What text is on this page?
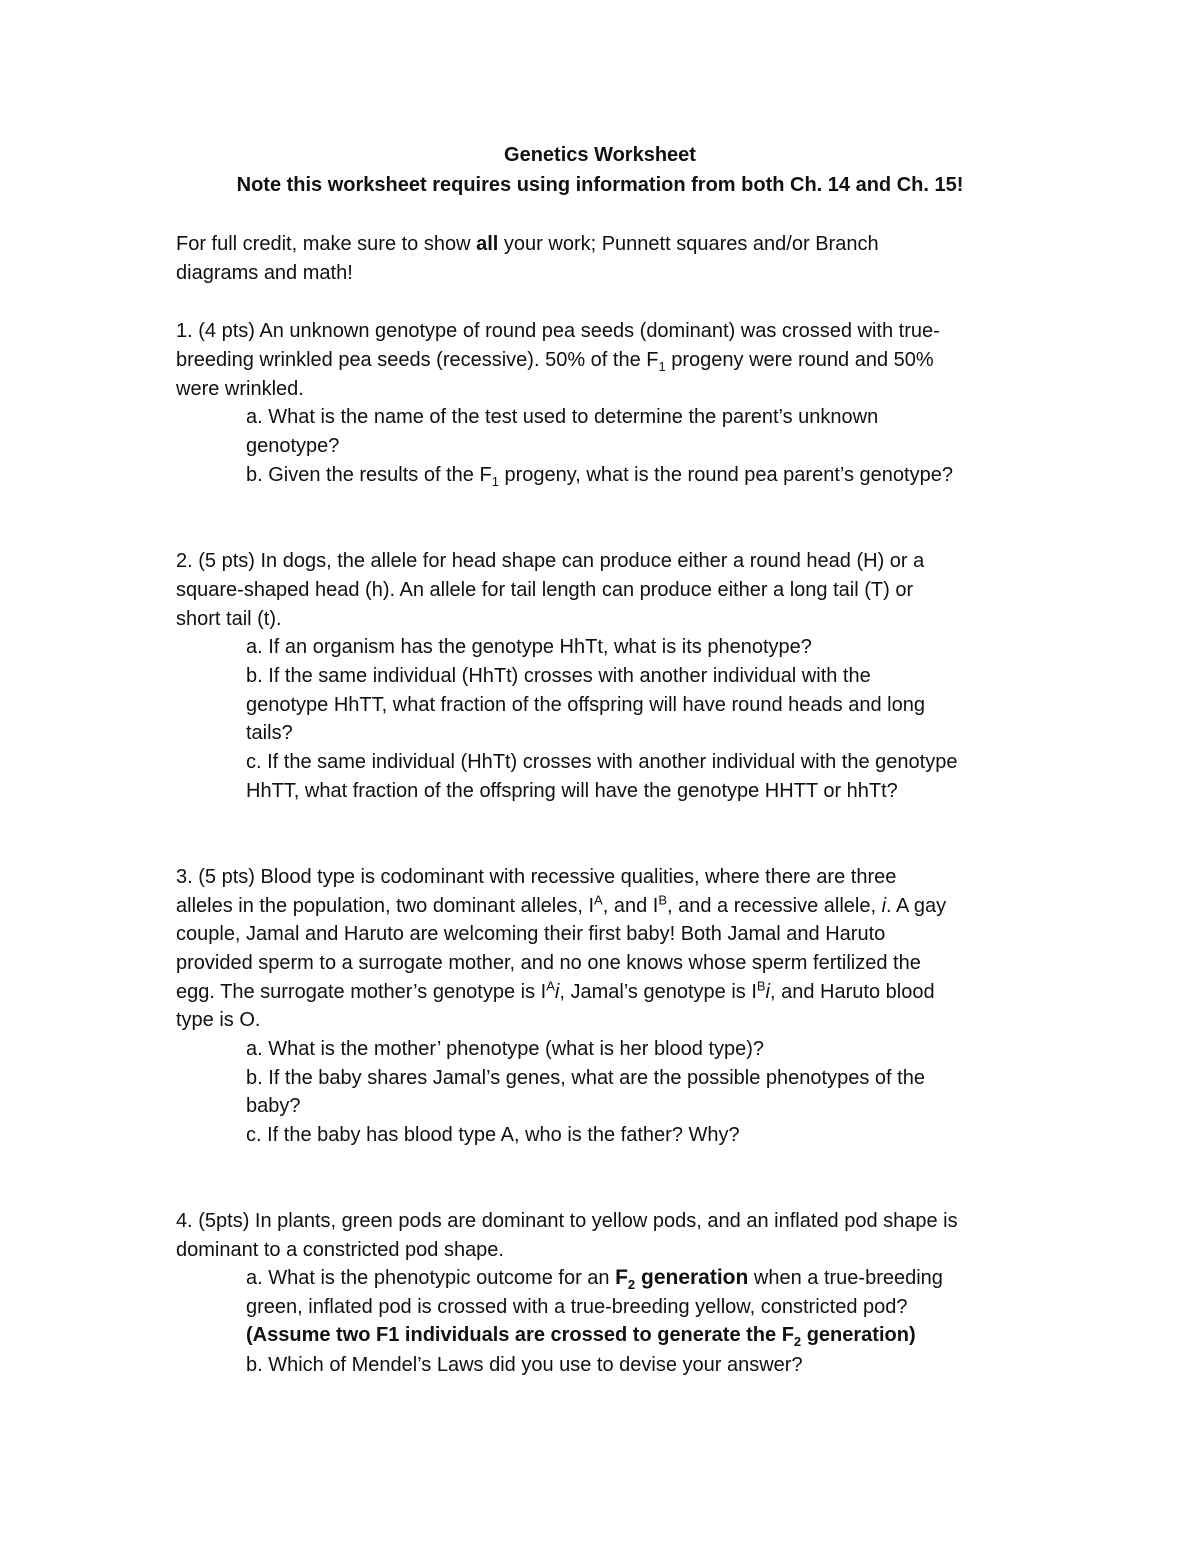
Genetics Worksheet
Note this worksheet requires using information from both Ch. 14 and Ch. 15!
For full credit, make sure to show all your work; Punnett squares and/or Branch
diagrams and math!
1. (4 pts) An unknown genotype of round pea seeds (dominant) was crossed with true-
breeding wrinkled pea seeds (recessive). 50% of the $F_1$ progeny were round and 50%
were wrinkled.
a. What is the name of the test used to determine the parent’s unknown
genotype?
b. Given the results of the $F_1$ progeny, what is the round pea parent’s genotype?
2. (5 pts) In dogs, the allele for head shape can produce either a round head (H) or a
square-shaped head (h). An allele for tail length can produce either a long tail (T) or
short tail (t).
a. If an organism has the genotype HhTt, what is its phenotype?
b. If the same individual (HhTt) crosses with another individual with the
genotype HhTT, what fraction of the offspring will have round heads and long
tails?
c. If the same individual (HhTt) crosses with another individual with the genotype
HhTT, what fraction of the offspring will have the genotype HHTT or hhTt?
3. (5 pts) Blood type is codominant with recessive qualities, where there are three
alleles in the population, two dominant alleles, $I^A$, and $I^B$, and a recessive allele, i. A gay
couple, Jamal and Haruto are welcoming their first baby! Both Jamal and Haruto
provided sperm to a surrogate mother, and no one knows whose sperm fertilized the
egg. The surrogate mother’s genotype is $I^Ai$, Jamal’s genotype is $I^Bi$, and Haruto blood
type is O.
a. What is the mother’ phenotype (what is her blood type)?
b. If the baby shares Jamal’s genes, what are the possible phenotypes of the
baby?
c. If the baby has blood type A, who is the father? Why?
4. (5pts) In plants, green pods are dominant to yellow pods, and an inflated pod shape is
dominant to a constricted pod shape.
a. What is the phenotypic outcome for an $F_2$ generation when a true-breeding
green, inflated pod is crossed with a true-breeding yellow, constricted pod?
(Assume two F1 individuals are crossed to generate the $F_2$ generation)
b. Which of Mendel’s Laws did you use to devise your answer?
